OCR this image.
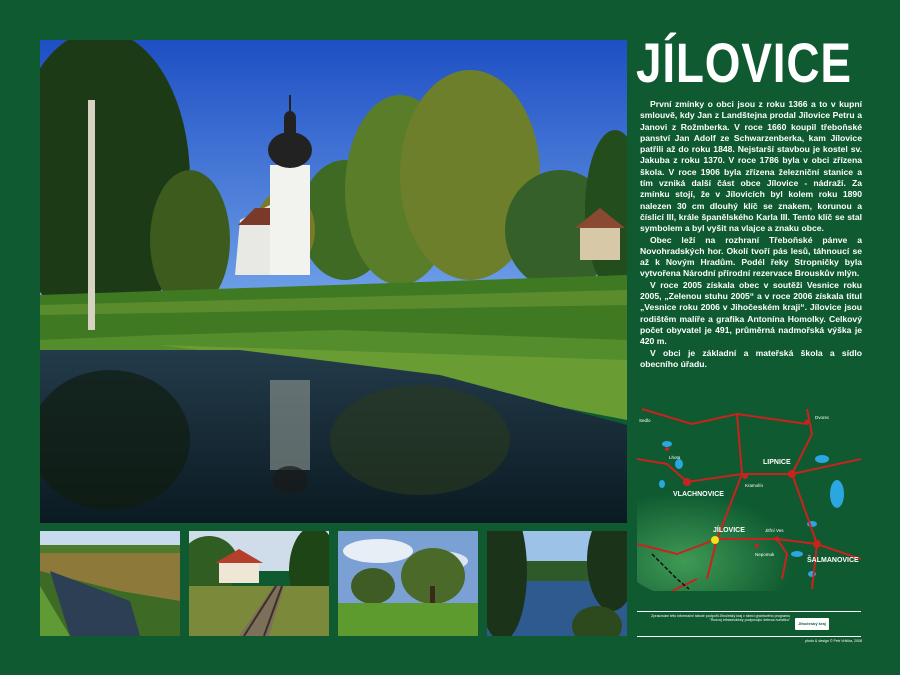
JÍLOVICE

První zmínky o obci jsou z roku 1366 a to v kupní smlouvě, kdy Jan z Landštejna prodal Jílovice Petru a Janovi z Rožmberka. V roce 1660 koupil třeboňské panství Jan Adolf ze Schwarzenberka, kam Jílovice patřili až do roku 1848. Nejstarší stavbou je kostel sv. Jakuba z roku 1370. V roce 1786 byla v obci zřízena škola. V roce 1906 byla zřízena železniční stanice a tím vzniká další část obce Jílovice - nádraží. Za zmínku stojí, že v Jílovicích byl kolem roku 1890 nalezen 30 cm dlouhý klíč se znakem, korunou a číslicí III, krále španělského Karla III. Tento klíč se stal symbolem a byl vyšit na vlajce a znaku obce.

Obec leží na rozhraní Třeboňské pánve a Novohradských hor. Okolí tvoří pás lesů, táhnoucí se až k Novým Hradům. Podél řeky Stropničky byla vytvořena Národní přírodní rezervace Brouskův mlýn.

V roce 2005 získala obec v soutěži Vesnice roku 2005, „Zelenou stuhu 2005“ a v roce 2006 získala titul „Vesnice roku 2006 v Jihočeském kraji“. Jílovice jsou rodištěm malíře a grafika Antonína Homolky. Celkový počet obyvatel je 491, průměrná nadmořská výška je 420 m.

V obci je základní a mateřská škola a sídlo obecního úřadu.

LIPNICE
VLACHNOVICE
JÍLOVICE
ŠALMANOVICE
Kramolín
Jitřní Ves
Nepomuk
Lhota
Dvorec
Sedlo
Zpracování této informační tabule podpořil Jihočeský kraj v rámci grantového programu "Rozvoj infrastruktury podporující šetrnou turistiku"
Jihočeský kraj
photo & design © Petr Vrtička, 2008
